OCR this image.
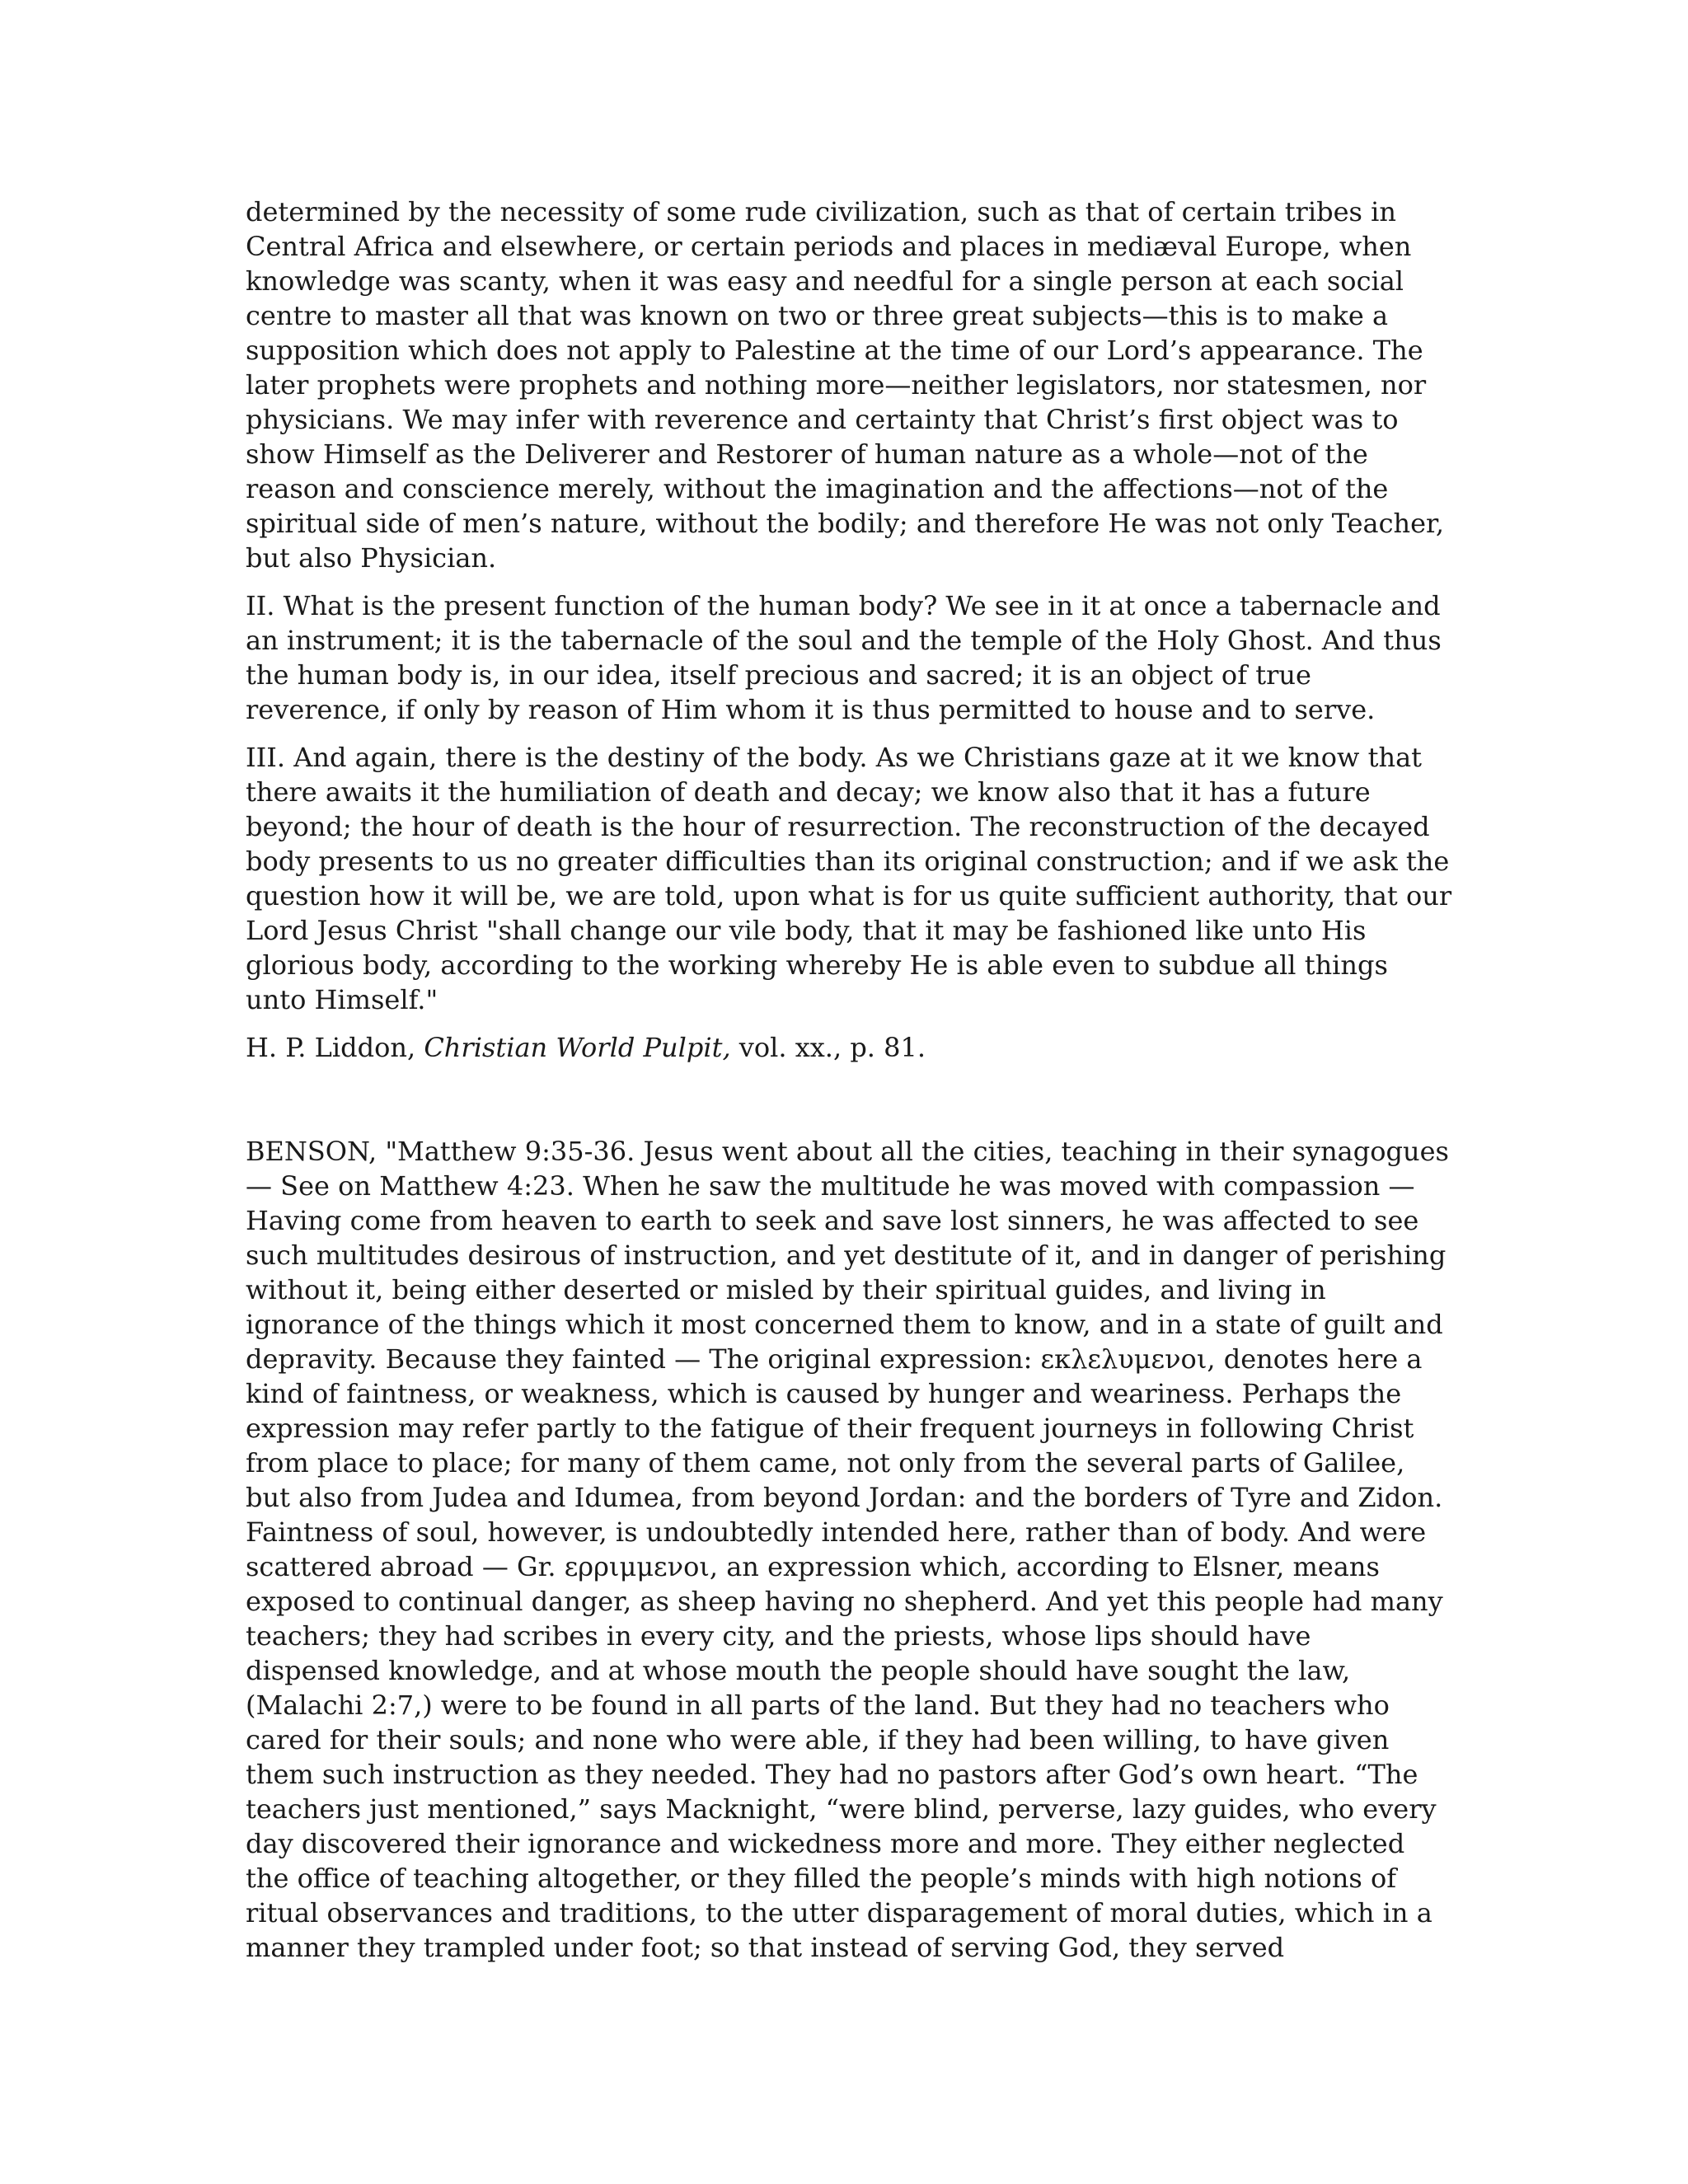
determined by the necessity of some rude civilization, such as that of certain tribes in Central Africa and elsewhere, or certain periods and places in mediæval Europe, when knowledge was scanty, when it was easy and needful for a single person at each social centre to master all that was known on two or three great subjects—this is to make a supposition which does not apply to Palestine at the time of our Lord’s appearance. The later prophets were prophets and nothing more—neither legislators, nor statesmen, nor physicians. We may infer with reverence and certainty that Christ’s first object was to show Himself as the Deliverer and Restorer of human nature as a whole—not of the reason and conscience merely, without the imagination and the affections—not of the spiritual side of men’s nature, without the bodily; and therefore He was not only Teacher, but also Physician.

II. What is the present function of the human body? We see in it at once a tabernacle and an instrument; it is the tabernacle of the soul and the temple of the Holy Ghost. And thus the human body is, in our idea, itself precious and sacred; it is an object of true reverence, if only by reason of Him whom it is thus permitted to house and to serve.

III. And again, there is the destiny of the body. As we Christians gaze at it we know that there awaits it the humiliation of death and decay; we know also that it has a future beyond; the hour of death is the hour of resurrection. The reconstruction of the decayed body presents to us no greater difficulties than its original construction; and if we ask the question how it will be, we are told, upon what is for us quite sufficient authority, that our Lord Jesus Christ "shall change our vile body, that it may be fashioned like unto His glorious body, according to the working whereby He is able even to subdue all things unto Himself."

H. P. Liddon, Christian World Pulpit, vol. xx., p. 81.

BENSON, "Matthew 9:35-36. Jesus went about all the cities, teaching in their synagogues — See on Matthew 4:23. When he saw the multitude he was moved with compassion — Having come from heaven to earth to seek and save lost sinners, he was affected to see such multitudes desirous of instruction, and yet destitute of it, and in danger of perishing without it, being either deserted or misled by their spiritual guides, and living in ignorance of the things which it most concerned them to know, and in a state of guilt and depravity. Because they fainted — The original expression: εκλελυμενοι, denotes here a kind of faintness, or weakness, which is caused by hunger and weariness. Perhaps the expression may refer partly to the fatigue of their frequent journeys in following Christ from place to place; for many of them came, not only from the several parts of Galilee, but also from Judea and Idumea, from beyond Jordan: and the borders of Tyre and Zidon. Faintness of soul, however, is undoubtedly intended here, rather than of body. And were scattered abroad — Gr. ερριμμενοι, an expression which, according to Elsner, means exposed to continual danger, as sheep having no shepherd. And yet this people had many teachers; they had scribes in every city, and the priests, whose lips should have dispensed knowledge, and at whose mouth the people should have sought the law, (Malachi 2:7,) were to be found in all parts of the land. But they had no teachers who cared for their souls; and none who were able, if they had been willing, to have given them such instruction as they needed. They had no pastors after God’s own heart. “The teachers just mentioned,” says Macknight, “were blind, perverse, lazy guides, who every day discovered their ignorance and wickedness more and more. They either neglected the office of teaching altogether, or they filled the people’s minds with high notions of ritual observances and traditions, to the utter disparagement of moral duties, which in a manner they trampled under foot; so that instead of serving God, they served
